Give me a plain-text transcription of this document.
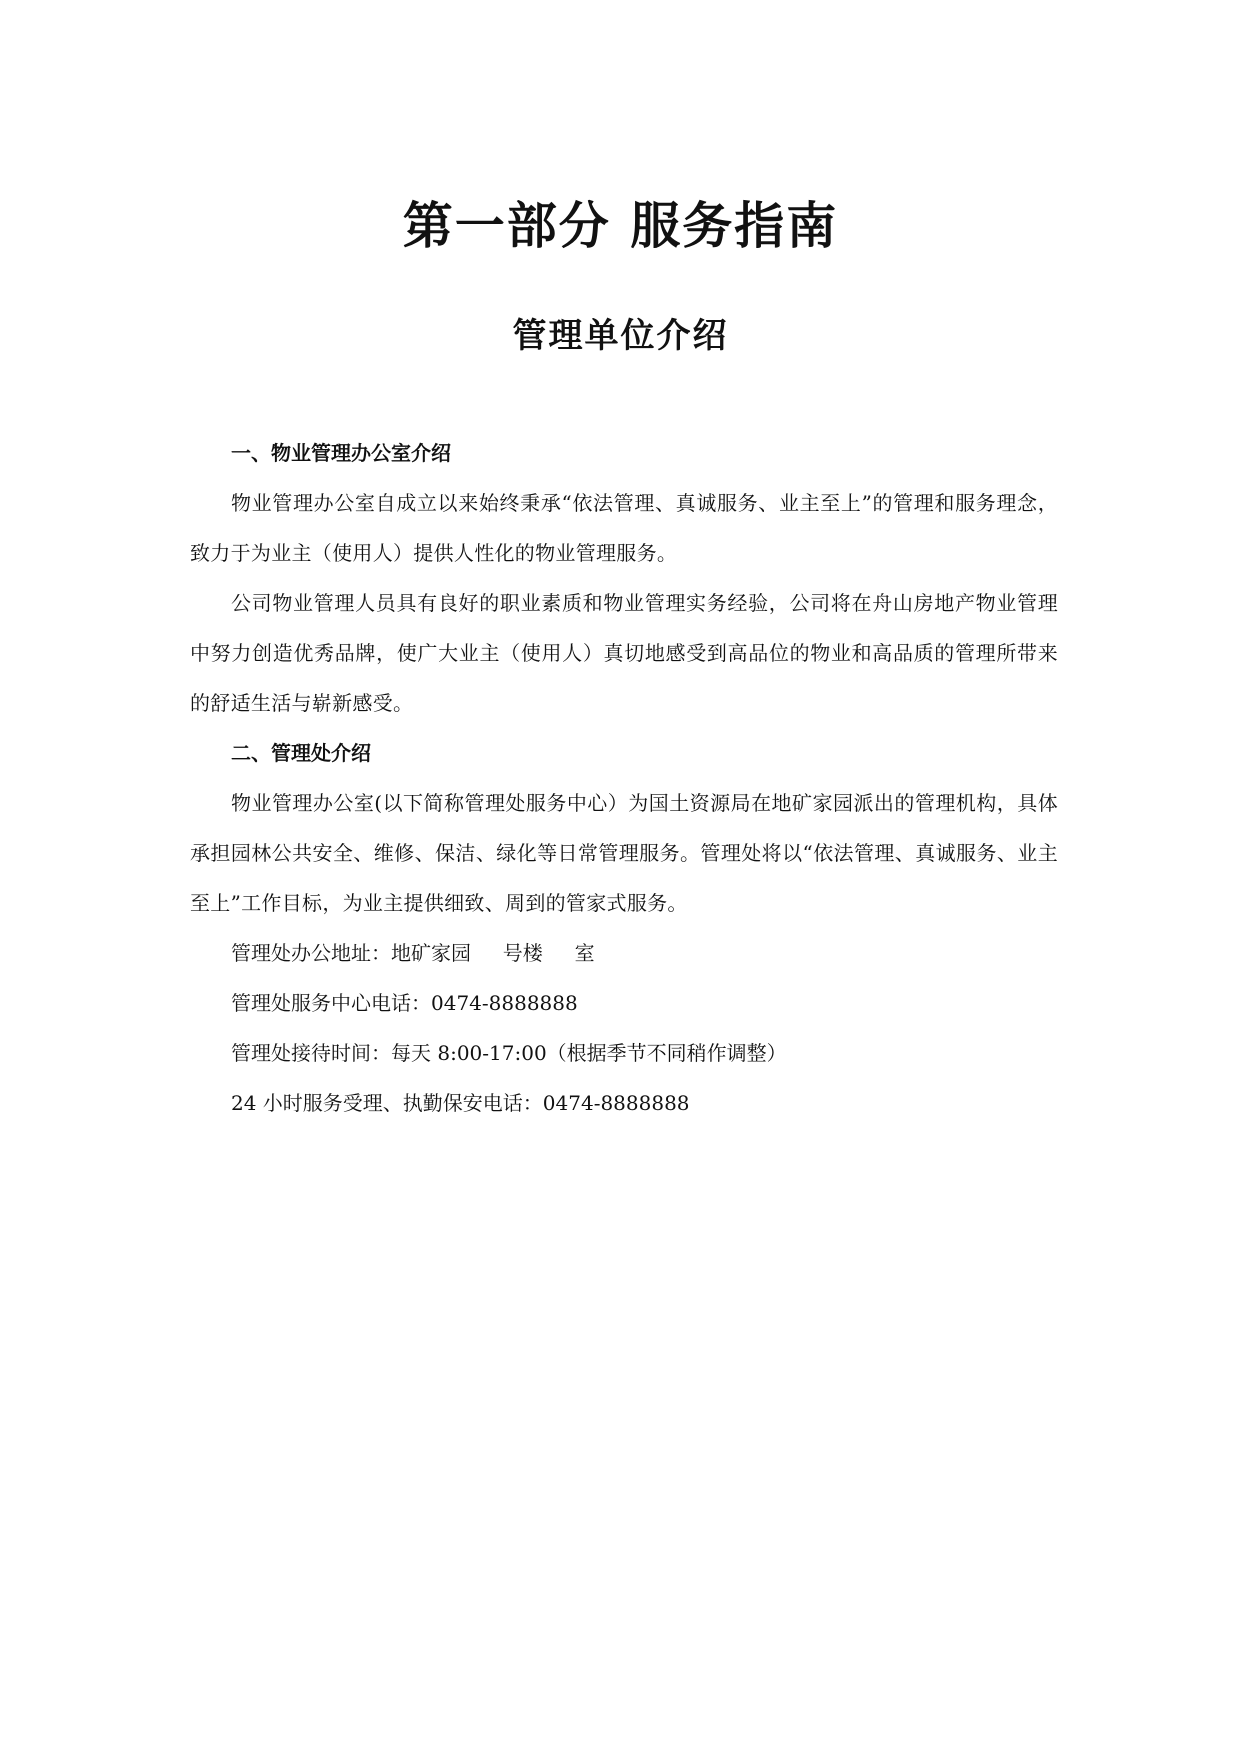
第一部分 服务指南
管理单位介绍

一、物业管理办公室介绍

物业管理办公室自成立以来始终秉承“依法管理、真诚服务、业主至上”的管理和服务理念，致力于为业主（使用人）提供人性化的物业管理服务。

公司物业管理人员具有良好的职业素质和物业管理实务经验，公司将在舟山房地产物业管理中努力创造优秀品牌，使广大业主（使用人）真切地感受到高品位的物业和高品质的管理所带来的舒适生活与崭新感受。

二、管理处介绍

物业管理办公室(以下简称管理处服务中心）为国土资源局在地矿家园派出的管理机构，具体承担园林公共安全、维修、保洁、绿化等日常管理服务。管理处将以“依法管理、真诚服务、业主至上”工作目标，为业主提供细致、周到的管家式服务。

管理处办公地址：地矿家园     号楼     室

管理处服务中心电话：0474-8888888

管理处接待时间：每天 8:00-17:00（根据季节不同稍作调整）

24 小时服务受理、执勤保安电话：0474-8888888
